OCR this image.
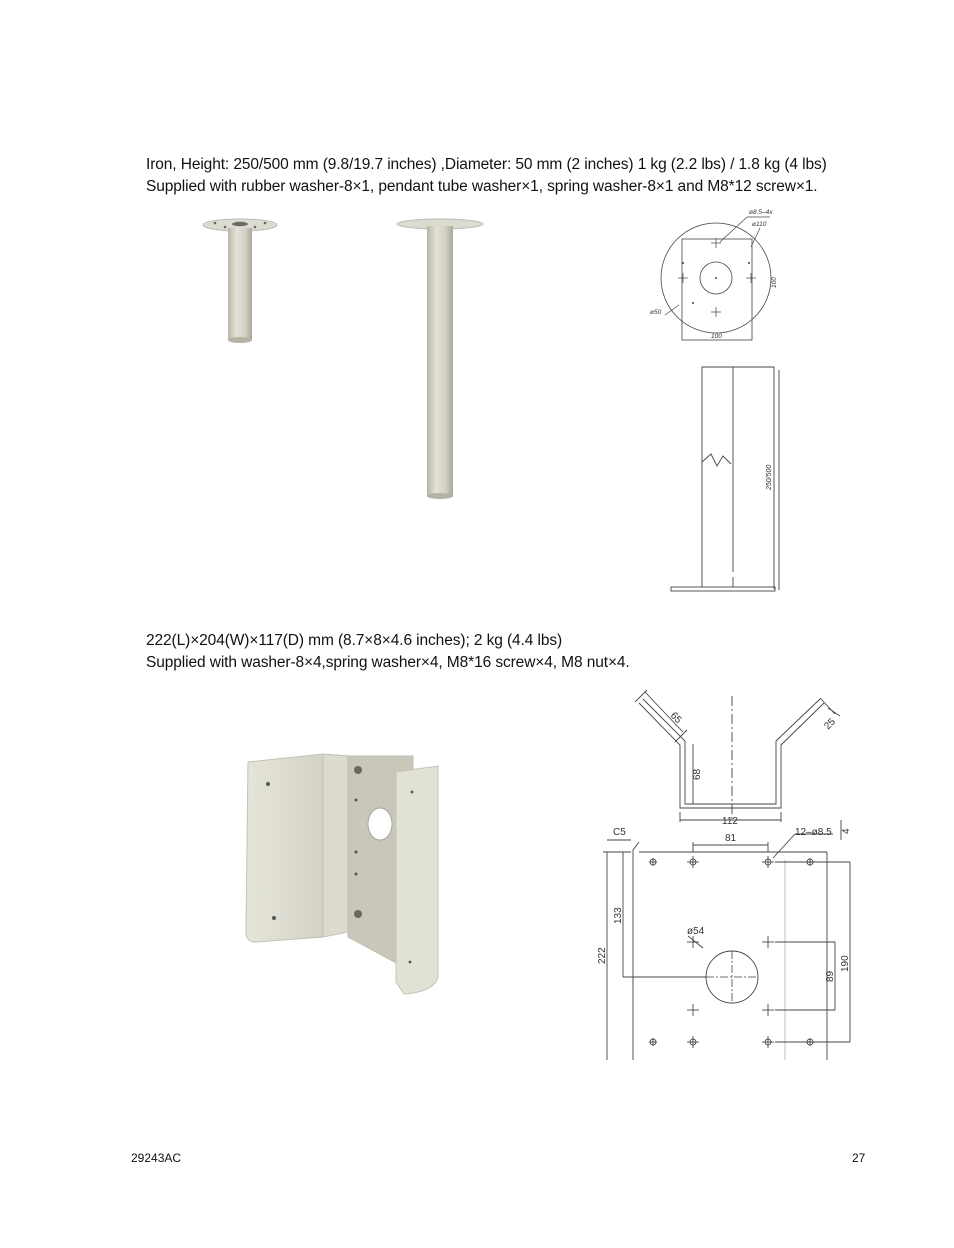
Iron, Height: 250/500 mm (9.8/19.7 inches) ,Diameter: 50 mm (2 inches) 1 kg (2.2 lbs) / 1.8 kg (4 lbs)
Supplied with rubber washer-8×1, pendant tube washer×1, spring washer-8×1 and M8*12 screw×1.
ø8.5–4x
ø110
100
100
ø50
250/500
222(L)×204(W)×117(D) mm (8.7×8×4.6 inches); 2 kg (4.4 lbs)
Supplied with washer-8×4,spring washer×4, M8*16 screw×4, M8 nut×4.
65	25
68
112
C5
81
12–ø8.5 4
133
222
ø54
89
190
29243AC	27
